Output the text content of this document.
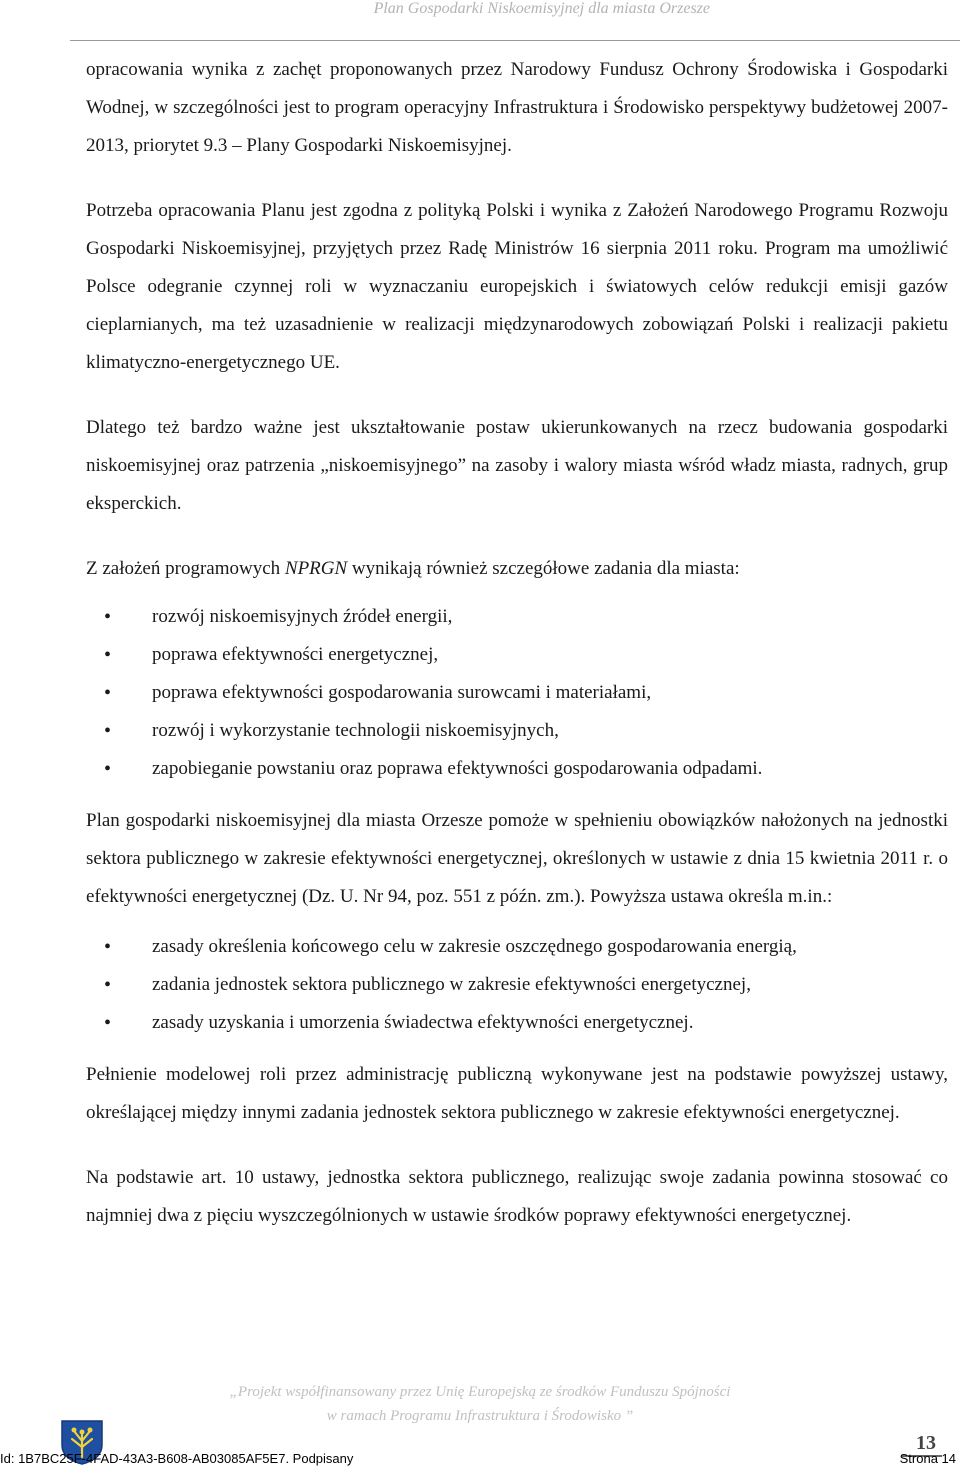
Plan Gospodarki Niskoemisyjnej dla miasta Orzesze

opracowania wynika z zachęt proponowanych przez Narodowy Fundusz Ochrony Środowiska i Gospodarki Wodnej, w szczególności jest to program operacyjny Infrastruktura i Środowisko perspektywy budżetowej 2007-2013, priorytet 9.3 – Plany Gospodarki Niskoemisyjnej.

Potrzeba opracowania Planu jest zgodna z polityką Polski i wynika z Założeń Narodowego Programu Rozwoju Gospodarki Niskoemisyjnej, przyjętych przez Radę Ministrów 16 sierpnia 2011 roku. Program ma umożliwić Polsce odegranie czynnej roli w wyznaczaniu europejskich i światowych celów redukcji emisji gazów cieplarnianych, ma też uzasadnienie w realizacji międzynarodowych zobowiązań Polski i realizacji pakietu klimatyczno-energetycznego UE.

Dlatego też bardzo ważne jest ukształtowanie postaw ukierunkowanych na rzecz budowania gospodarki niskoemisyjnej oraz patrzenia „niskoemisyjnego” na zasoby i walory miasta wśród władz miasta, radnych, grup eksperckich.

Z założeń programowych NPRGN wynikają również szczegółowe zadania dla miasta:

• rozwój niskoemisyjnych źródeł energii,
• poprawa efektywności energetycznej,
• poprawa efektywności gospodarowania surowcami i materiałami,
• rozwój i wykorzystanie technologii niskoemisyjnych,
• zapobieganie powstaniu oraz poprawa efektywności gospodarowania odpadami.

Plan gospodarki niskoemisyjnej dla miasta Orzesze pomoże w spełnieniu obowiązków nałożonych na jednostki sektora publicznego w zakresie efektywności energetycznej, określonych w ustawie z dnia 15 kwietnia 2011 r. o efektywności energetycznej (Dz. U. Nr 94, poz. 551 z późn. zm.). Powyższa ustawa określa m.in.:

• zasady określenia końcowego celu w zakresie oszczędnego gospodarowania energią,
• zadania jednostek sektora publicznego w zakresie efektywności energetycznej,
• zasady uzyskania i umorzenia świadectwa efektywności energetycznej.

Pełnienie modelowej roli przez administrację publiczną wykonywane jest na podstawie powyższej ustawy, określającej między innymi zadania jednostek sektora publicznego w zakresie efektywności energetycznej.

Na podstawie art. 10 ustawy, jednostka sektora publicznego, realizując swoje zadania powinna stosować co najmniej dwa z pięciu wyszczególnionych w ustawie środków poprawy efektywności energetycznej.

„Projekt współfinansowany przez Unię Europejską ze środków Funduszu Spójności
w ramach Programu Infrastruktura i Środowisko ”
13
Id: 1B7BC25F-4FAD-43A3-B608-AB03085AF5E7. Podpisany	Strona 14
